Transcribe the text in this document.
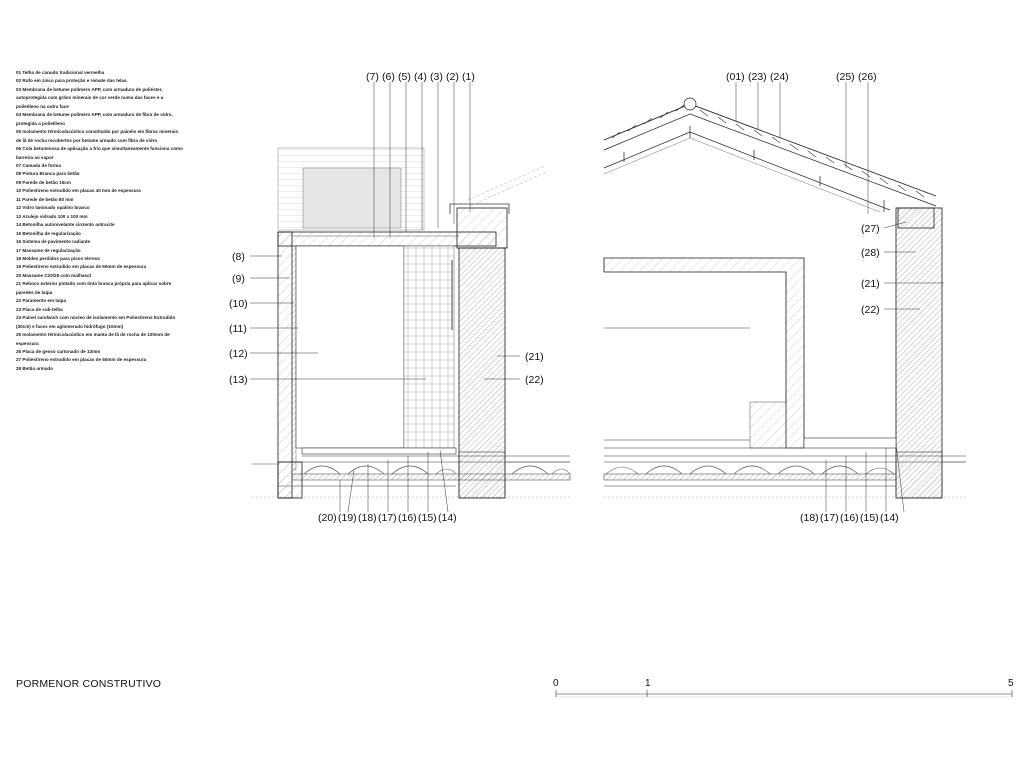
01 Telha de canudo tradicional vermelha
02 Rufo em zinco para proteção e remate das telas.
03 Membrana de betume polímero APP, com armadura de poliéster, autoprotegida com grãos minerais de cor verde numa das faces e a polietileno na outra face
04 Membrana de betume polímero APP, com armadura de fibra de vidro, protegida a polietileno
05 Isolamento térmico/acústico constituído por painéis em fibras minerais de lã de rocha recobertos por betume armado com fibra de vidro
06 Cola betuminosa de aplicação a frio que simultaneamente funciona como barreira ao vapor
07 Camada de forma
08 Pintura Branca para betão
09 Parede de betão 15cm
10 Poliestireno extrudido em placas 40 mm de espessura
11 Parede de betão 80 mm
12 Vidro laminado opalino branco
13 Azulejo vidrado 100 x 100 mm
14 Betonilha autonivelante cinzento antracite
15 Betonilha de regularização
16 Sistema de pavimento radiante
17 Massame de regularização
18 Moldes perdidos para pisos térreos
19 Poliestireno extrudido em placas de 50mm de espessura
20 Massame C20/25 com malhasol
21 Reboco exterior pintado com tinta branca própria para aplicar sobre paredes de taipa
22 Paramento em taipa
23 Placa de sub-telha
24 Painel sandwich com núcleo de isolamento em Poliestireno Extrudido (30cm) e faces em aglomerado hidrófugo (10mm)
25 Isolamento térmico/acústico em manta de lã de rocha de 100mm de espessura
26 Placa de gesso cartonado de 13mm
27 Poliestireno extrudido em placas de 50mm de espessura
28 Betão armado
(7) (6) (5) (4) (3) (2) (1)
(8)
(9)
(10)
(11)
(12)
(13)
(21)
(22)
(20) (19) (18) (17) (16) (15) (14)
(01) (23) (24)	(25) (26)
(27)
(28)
(21)
(22)
(18) (17) (16) (15) (14)
PORMENOR CONSTRUTIVO	0	1	5
